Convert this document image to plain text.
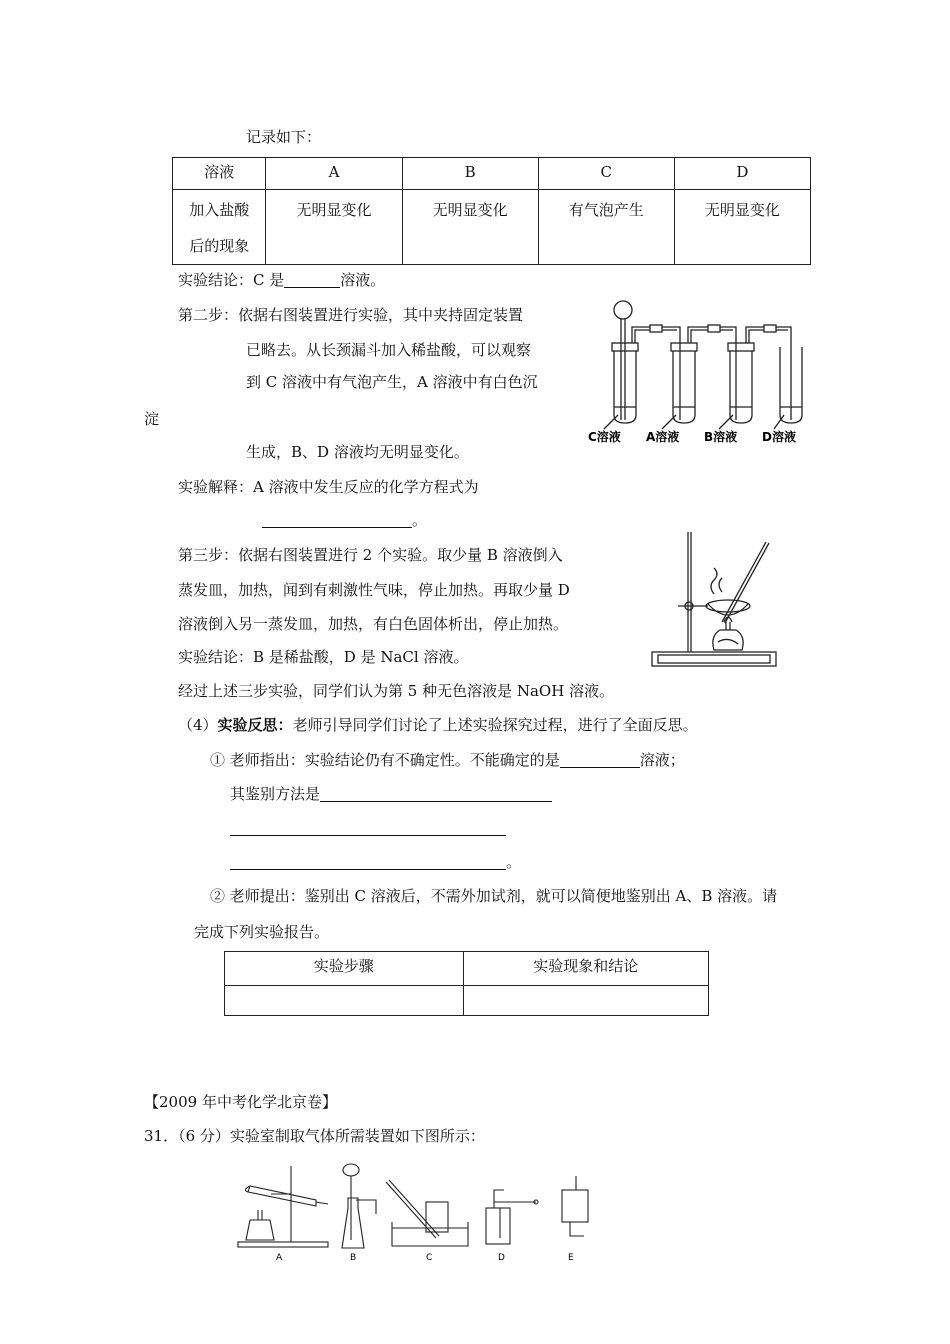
记录如下：
溶液	A	B	C	D

加入盐酸
后的现象	无明显变化	无明显变化	有气泡产生	无明显变化
实验结论：C 是	溶液。
第二步：依据右图装置进行实验，其中夹持固定装置
已略去。从长颈漏斗加入稀盐酸，可以观察
到 C 溶液中有气泡产生，A 溶液中有白色沉
淀
生成，B、D 溶液均无明显变化。
C溶液 A溶液 B溶液 D溶液
实验解释：A 溶液中发生反应的化学方程式为
。
第三步：依据右图装置进行 2 个实验。取少量 B 溶液倒入
蒸发皿，加热，闻到有刺激性气味，停止加热。再取少量 D
溶液倒入另一蒸发皿，加热，有白色固体析出，停止加热。
实验结论：B 是稀盐酸，D 是 NaCl 溶液。
经过上述三步实验，同学们认为第 5 种无色溶液是 NaOH 溶液。
（4）实验反思：老师引导同学们讨论了上述实验探究过程，进行了全面反思。
① 老师指出：实验结论仍有不确定性。不能确定的是	溶液；
其鉴别方法是
。
② 老师提出：鉴别出 C 溶液后，不需外加试剂，就可以简便地鉴别出 A、B 溶液。请
完成下列实验报告。
实验步骤	实验现象和结论

【2009 年中考化学北京卷】
31．（6 分）实验室制取气体所需装置如下图所示：
A	B	C	D	E
